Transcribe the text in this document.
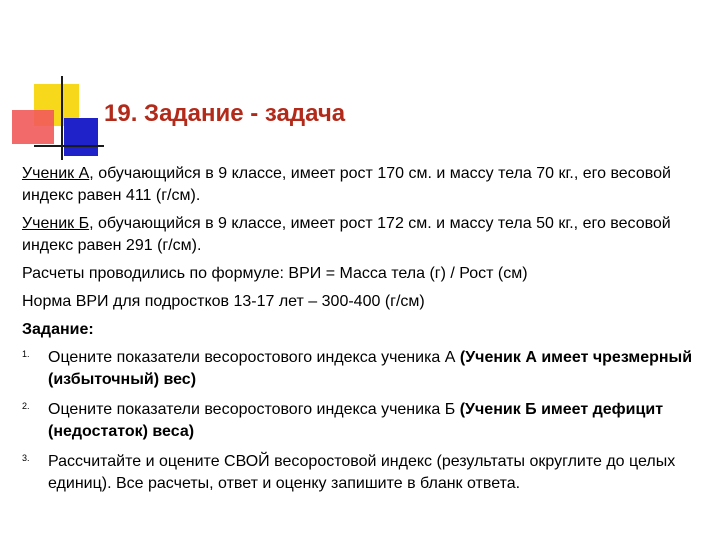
19. Задание - задача
Ученик А, обучающийся в 9 классе, имеет рост 170 см. и массу тела 70 кг., его весовой индекс равен 411 (г/см).
Ученик Б, обучающийся в 9 классе, имеет рост 172 см. и массу тела 50 кг., его весовой индекс равен 291 (г/см).
Расчеты проводились по формуле: ВРИ = Масса тела (г) / Рост (см)
Норма ВРИ для подростков 13-17 лет – 300-400 (г/см)
Задание:
1. Оцените показатели весоростового индекса ученика А (Ученик А имеет чрезмерный (избыточный) вес)
2. Оцените показатели весоростового индекса ученика Б (Ученик Б имеет дефицит (недостаток) веса)
3. Рассчитайте и оцените СВОЙ весоростовой индекс (результаты округлите до целых единиц). Все расчеты, ответ и оценку запишите в бланк ответа.
